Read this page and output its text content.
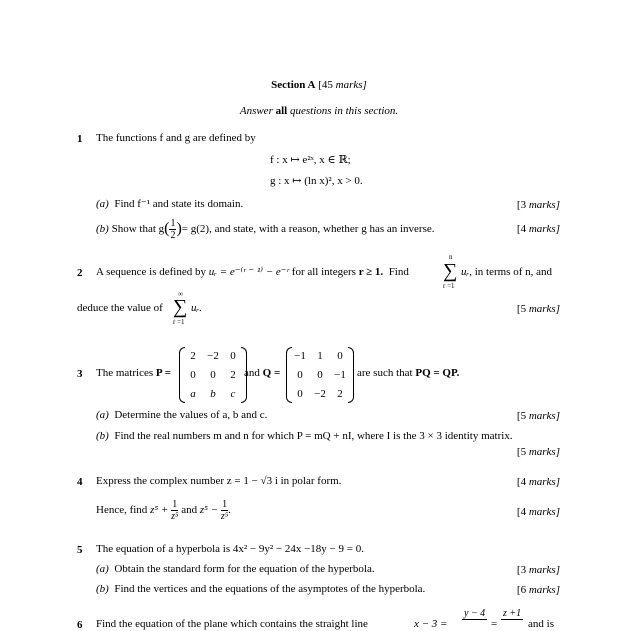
Section A [45 marks]
Answer all questions in this section.
1 The functions f and g are defined by
f : x ↦ e²ˣ, x ∈ ℝ;
g : x ↦ (ln x)², x > 0.
(a) Find f⁻¹ and state its domain.	[3 marks]
(b)
Show that g ( $\frac{1}{2}$ ) = g(2), and state, with a reason, whether g has an inverse.	[4 marks]
2 A sequence is defined by uᵣ = e⁻⁽ʳ ⁻ ¹⁾ − e⁻ʳ for all integers r ≥ 1. Find
n
∑
r =1
uᵣ, in terms of n, and
deduce the value of
∞
∑
r =1
uᵣ.	[5 marks]
3 The matrices P =
2	−2	0
0	0	2
a	b	c
and Q =
−1	1	0
0	0	−1
0	−2	2
are such that PQ = QP.
(a) Determine the values of a, b and c.	[5 marks]
(b) Find the real numbers m and n for which P = mQ + nI, where I is the 3 × 3 identity matrix.
[5 marks]
4 Express the complex number z = 1 − √3 i in polar form.	[4 marks]
Hence, find
z⁵ +
$\frac{1}{\text{z⁵}}$
and
z⁵ −
$\frac{1}{\text{z⁵}}$ .	[4 marks]
5 The equation of a hyperbola is 4x² − 9y² − 24x −18y − 9 = 0.
(a) Obtain the standard form for the equation of the hyperbola.	[3 marks]
(b) Find the vertices and the equations of the asymptotes of the hyperbola.	[6 marks]
6 Find the equation of the plane which contains the straight line	x − 3 =
y − 4
=
z +1
and is
